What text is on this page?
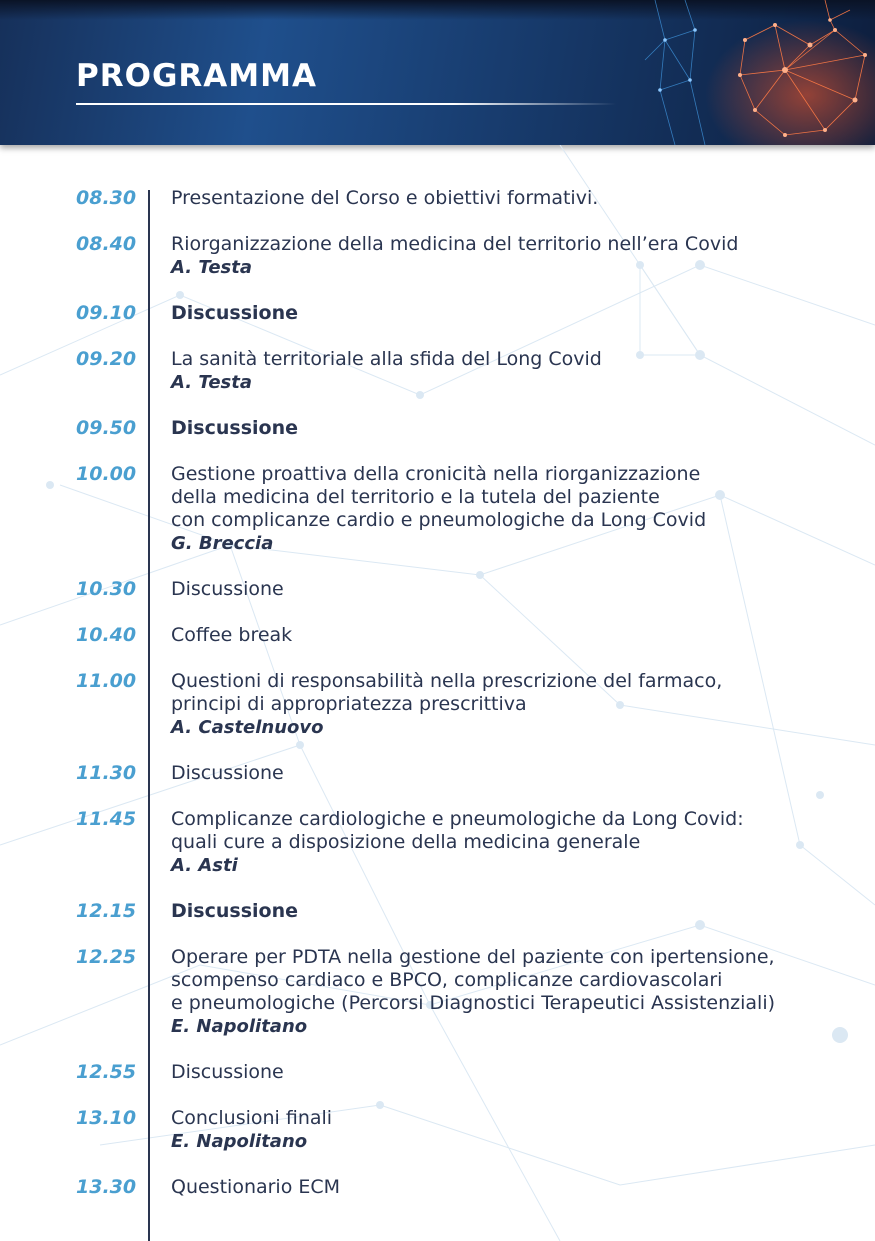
PROGRAMMA
08.30 Presentazione del Corso e obiettivi formativi.
08.40 Riorganizzazione della medicina del territorio nell’era Covid
A. Testa
09.10 Discussione
09.20 La sanità territoriale alla sfida del Long Covid
A. Testa
09.50 Discussione
10.00 Gestione proattiva della cronicità nella riorganizzazione
della medicina del territorio e la tutela del paziente
con complicanze cardio e pneumologiche da Long Covid
G. Breccia
10.30 Discussione
10.40 Coffee break
11.00 Questioni di responsabilità nella prescrizione del farmaco,
principi di appropriatezza prescrittiva
A. Castelnuovo
11.30 Discussione
11.45 Complicanze cardiologiche e pneumologiche da Long Covid:
quali cure a disposizione della medicina generale
A. Asti
12.15 Discussione
12.25 Operare per PDTA nella gestione del paziente con ipertensione,
scompenso cardiaco e BPCO, complicanze cardiovascolari
e pneumologiche (Percorsi Diagnostici Terapeutici Assistenziali)
E. Napolitano
12.55 Discussione
13.10 Conclusioni finali
E. Napolitano
13.30 Questionario ECM
